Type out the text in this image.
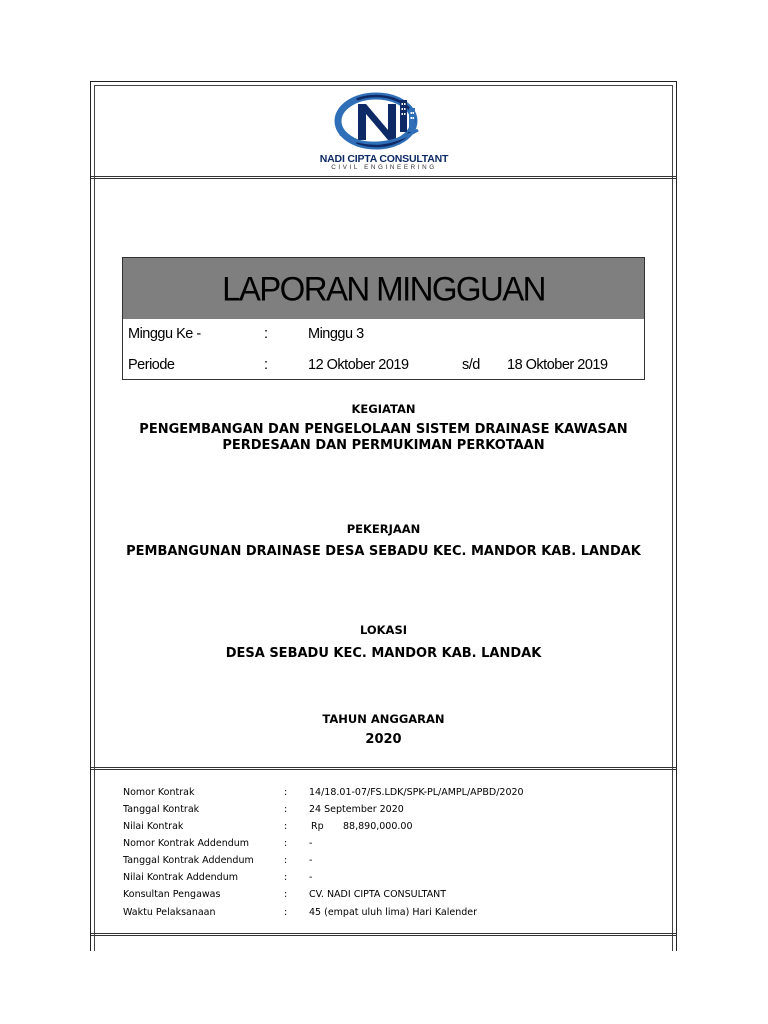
NADI CIPTA CONSULTANT
CIVIL ENGINEERING
LAPORAN MINGGUAN
Minggu Ke -	:	Minggu 3
Periode	:	12 Oktober 2019	s/d 18 Oktober 2019
KEGIATAN
PENGEMBANGAN DAN PENGELOLAAN SISTEM DRAINASE KAWASAN
PERDESAAN DAN PERMUKIMAN PERKOTAAN
PEKERJAAN
PEMBANGUNAN DRAINASE DESA SEBADU KEC. MANDOR KAB. LANDAK
LOKASI
DESA SEBADU KEC. MANDOR KAB. LANDAK
TAHUN ANGGARAN
2020
Nomor Kontrak	: 14/18.01-07/FS.LDK/SPK-PL/AMPL/APBD/2020
Tanggal Kontrak	: 24 September 2020
Nilai Kontrak	:	Rp 88,890,000.00
Nomor Kontrak Addendum	: -
Tanggal Kontrak Addendum	: -
Nilai Kontrak Addendum	: -
Konsultan Pengawas	: CV. NADI CIPTA CONSULTANT
Waktu Pelaksanaan	: 45 (empat uluh lima) Hari Kalender
